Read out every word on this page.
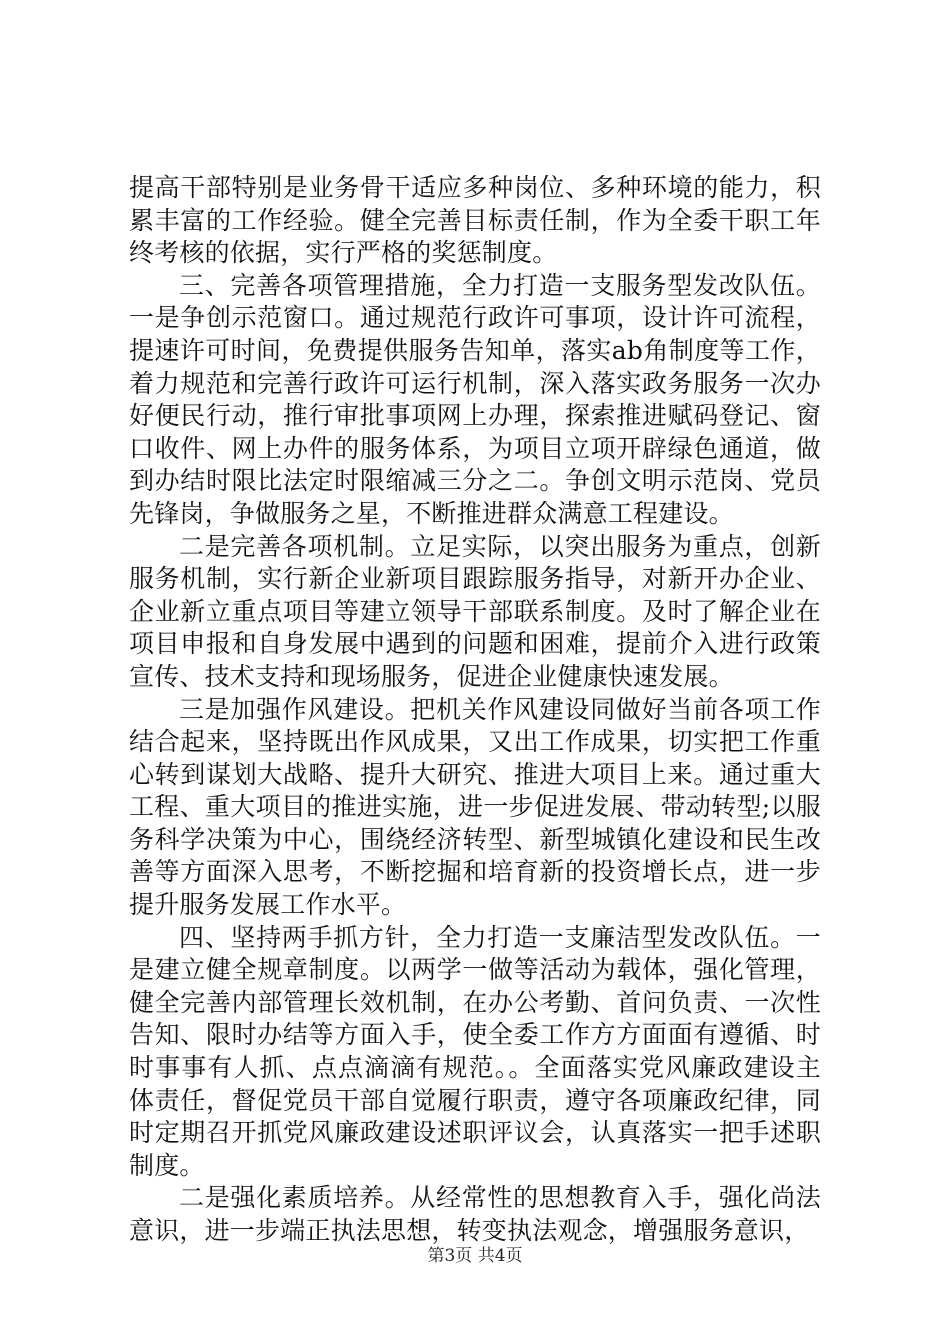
提高干部特别是业务骨干适应多种岗位、多种环境的能力，积累丰富的工作经验。健全完善目标责任制，作为全委干职工年终考核的依据，实行严格的奖惩制度。

三、完善各项管理措施，全力打造一支服务型发改队伍。一是争创示范窗口。通过规范行政许可事项，设计许可流程，提速许可时间，免费提供服务告知单，落实ab角制度等工作，着力规范和完善行政许可运行机制，深入落实政务服务一次办好便民行动，推行审批事项网上办理，探索推进赋码登记、窗口收件、网上办件的服务体系，为项目立项开辟绿色通道，做到办结时限比法定时限缩减三分之二。争创文明示范岗、党员先锋岗，争做服务之星，不断推进群众满意工程建设。

二是完善各项机制。立足实际，以突出服务为重点，创新服务机制，实行新企业新项目跟踪服务指导，对新开办企业、企业新立重点项目等建立领导干部联系制度。及时了解企业在项目申报和自身发展中遇到的问题和困难，提前介入进行政策宣传、技术支持和现场服务，促进企业健康快速发展。

三是加强作风建设。把机关作风建设同做好当前各项工作结合起来，坚持既出作风成果，又出工作成果，切实把工作重心转到谋划大战略、提升大研究、推进大项目上来。通过重大工程、重大项目的推进实施，进一步促进发展、带动转型;以服务科学决策为中心，围绕经济转型、新型城镇化建设和民生改善等方面深入思考，不断挖掘和培育新的投资增长点，进一步提升服务发展工作水平。

四、坚持两手抓方针，全力打造一支廉洁型发改队伍。一是建立健全规章制度。以两学一做等活动为载体，强化管理，健全完善内部管理长效机制，在办公考勤、首问负责、一次性告知、限时办结等方面入手，使全委工作方方面面有遵循、时时事事有人抓、点点滴滴有规范。。全面落实党风廉政建设主体责任，督促党员干部自觉履行职责，遵守各项廉政纪律，同时定期召开抓党风廉政建设述职评议会，认真落实一把手述职制度。

二是强化素质培养。从经常性的思想教育入手，强化尚法意识，进一步端正执法思想，转变执法观念，增强服务意识，

第3页 共4页
